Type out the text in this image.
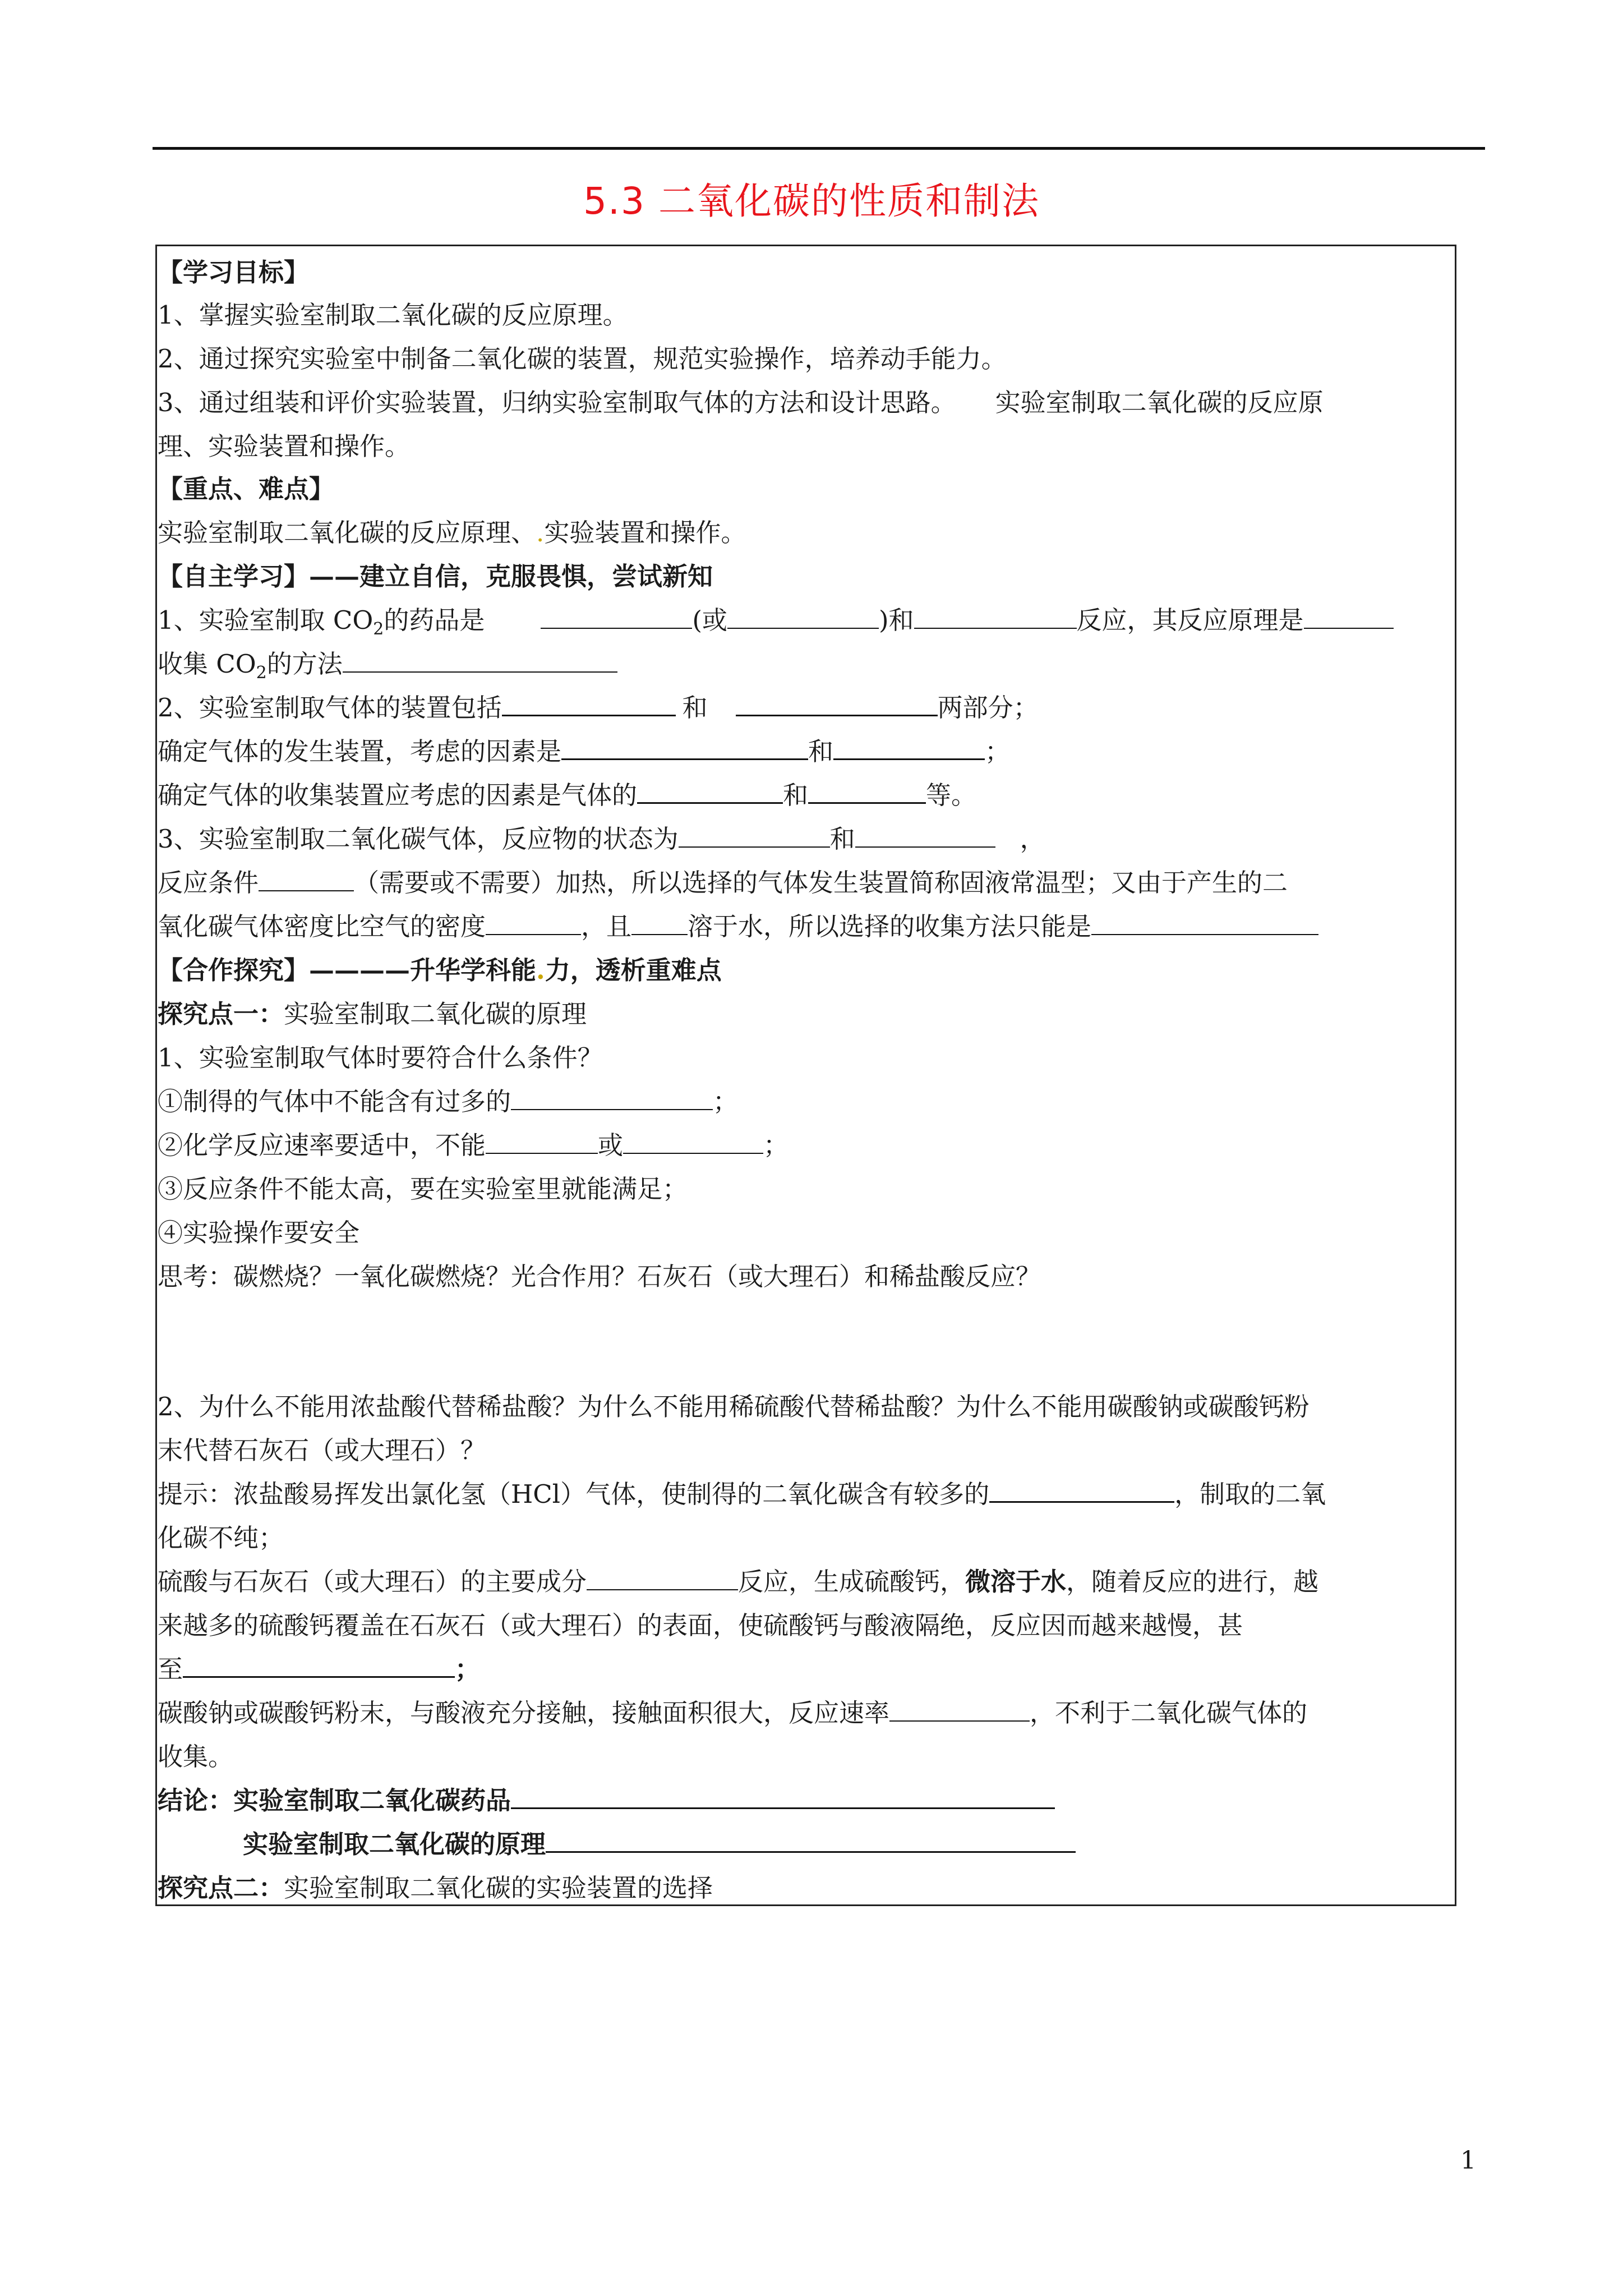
5.3 二氧化碳的性质和制法
【学习目标】
1、掌握实验室制取二氧化碳的反应原理。
2、通过探究实验室中制备二氧化碳的装置，规范实验操作，培养动手能力。
3、通过组装和评价实验装置，归纳实验室制取气体的方法和设计思路。 实验室制取二氧化碳的反应原
理、实验装置和操作。
【重点、难点】
实验室制取二氧化碳的反应原理、.实验装置和操作。
【自主学习】——建立自信，克服畏惧，尝试新知
1、实验室制取 $CO_2$的药品是	(或	)和	反应，其反应原理是
收集 $CO_2$的方法
2、实验室制取气体的装置包括	和	两部分；
确定气体的发生装置，考虑的因素是	和	；
确定气体的收集装置应考虑的因素是气体的	和	等。
3、实验室制取二氧化碳气体，反应物的状态为	和	，
反应条件	（需要或不需要）加热，所以选择的气体发生装置简称固液常温型；又由于产生的二
氧化碳气体密度比空气的密度	，且 溶于水，所以选择的收集方法只能是
【合作探究】————升华学科能.力，透析重难点
探究点一：实验室制取二氧化碳的原理
1、实验室制取气体时要符合什么条件？
①制得的气体中不能含有过多的	；
②化学反应速率要适中，不能	或	；
③反应条件不能太高，要在实验室里就能满足；
④实验操作要安全
思考：碳燃烧？一氧化碳燃烧？光合作用？石灰石（或大理石）和稀盐酸反应？
2、为什么不能用浓盐酸代替稀盐酸？为什么不能用稀硫酸代替稀盐酸？为什么不能用碳酸钠或碳酸钙粉
末代替石灰石（或大理石）？
提示：浓盐酸易挥发出氯化氢（HCl）气体，使制得的二氧化碳含有较多的	，制取的二氧
化碳不纯；
硫酸与石灰石（或大理石）的主要成分	反应，生成硫酸钙，微溶于水，随着反应的进行，越
来越多的硫酸钙覆盖在石灰石（或大理石）的表面，使硫酸钙与酸液隔绝，反应因而越来越慢，甚
至	；
碳酸钠或碳酸钙粉末，与酸液充分接触，接触面积很大，反应速率	，不利于二氧化碳气体的
收集。
结论：实验室制取二氧化碳药品
实验室制取二氧化碳的原理
探究点二：实验室制取二氧化碳的实验装置的选择
1
